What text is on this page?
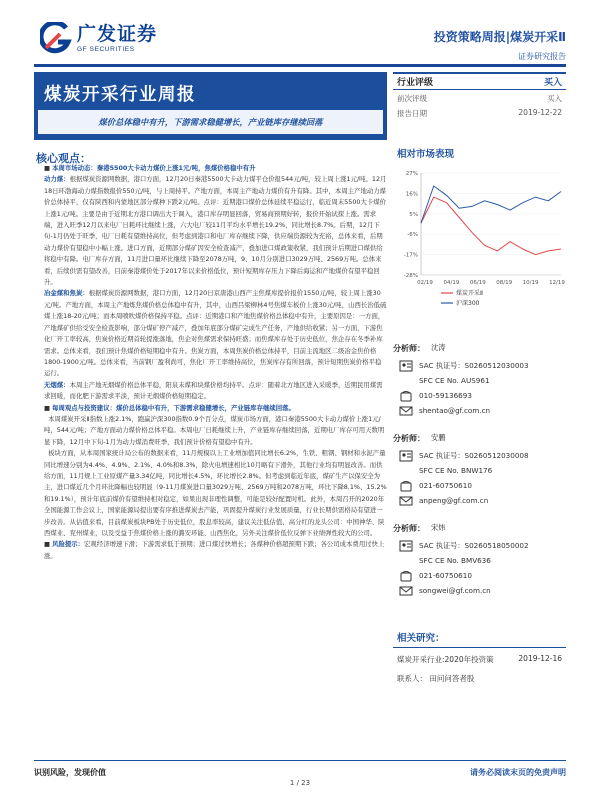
广发证券
GF SECURITIES
投资策略周报|煤炭开采Ⅱ
证券研究报告
煤炭开采行业周报
煤价总体稳中有升，下游需求稳健增长，产业链库存继续回落
行业评级	买入
前次评级	买入
报告日期	2019-12-22
核心观点：

■ 本周市场动态：秦港5500大卡动力煤价上涨1元/吨，焦煤价格稳中有升

动力煤：根据煤炭资源网数据，港口方面，12月20日秦港5500大卡动力煤平仓价报544元/吨，较上周上涨1元/吨。12月18日环渤海动力煤指数报价550元/吨，与上周持平。产地方面，本周主产地动力煤价有升有降。其中，本周主产地动力煤价总体持平，仅有陕西和内蒙地区部分煤种下跌2元/吨。点评：近期港口煤价总体延续平稳运行，临近周末5500大卡煤价上涨1元/吨。主要是由于近期北方港口调出大于调入，港口库存明显回落，贸易商预期好转，报价开始试探上涨。需求端，进入旺季12月以来电厂日耗环比继续上涨，六大电厂较11月平均水平增长19.2%，同比增长8.7%。后期，12月下旬-1月仍处于旺季，电厂日耗有望维持高位，但考虑到港口和电厂库存继续下降，供应端资源较为充裕，总体来看，后期动力煤价有望稳中小幅上涨。进口方面，近期部分煤矿因安全检查减产，叠加进口煤政策收紧，我们预计后期进口煤供给将稳中有降。电厂库存方面，11月进口量环比继续下降至2078万吨，9、10月分别进口3029万吨、2569万吨。总体来看，后续供需有望改善，目前秦港煤价处于2017年以来价格低位，预计短期库存压力下降后海运和产地煤价有望平稳回升。

冶金煤和焦炭：根据煤炭资源网数据，港口方面，12月20日京唐港山西产主焦煤库提价报价1550元/吨，较上周上涨30元/吨。产地方面，本周主产地炼焦煤价格总体稳中有升，其中，山西吕梁柳林4号焦煤车板价上涨30元/吨，山西长治低硫煤上涨18-20元/吨；而本周喷吹煤价格保持平稳。点评：近期港口和产地焦煤价格总体稳中有升，主要原因是：一方面，产地煤矿供给受安全检查影响，部分煤矿停产减产，叠加年底部分煤矿完成生产任务，产地供给收紧；另一方面，下游焦化厂开工率较高，焦炭价格近期首轮提涨落地，焦企对焦煤需求保持旺盛；而焦煤库存处于历史低位，焦企存在冬季补库需求。总体来看，我们预计焦煤价格短期稳中有升。焦炭方面，本周焦炭价格总体持平，目前主流地区二级冶金焦价格1800-1900元/吨。总体来看，当前钢厂盈利尚可，焦化厂开工率维持高位，焦炭库存有所回落，预计短期焦炭价格平稳运行。

无烟煤：本周主产地无烟煤价格总体平稳，阳泉末煤和块煤价格均持平。点评：随着北方地区进入采暖季，近期民用煤需求回暖，而化肥下游需求平淡，预计无烟煤价格短期稳定。

■ 每周观点与投资建议：煤价总体稳中有升，下游需求稳健增长，产业链库存继续回落。

本周煤炭开采Ⅱ指数上涨2.1%，跑赢沪深300指数0.9个百分点，煤炭市场方面，港口秦港5500大卡动力煤价上涨1元/吨，544元/吨；产地方面动力煤价格总体平稳。本周电厂日耗继续上升，产业链库存继续回落，近期电厂库存可用天数明显下降，12月中下旬-1月为动力煤消费旺季，我们预计价格有望稳中有升。

板块方面，从本周国家统计局公布的数据来看，11月规模以上工业增加值同比增长6.2%，生铁、粗钢、钢材和水泥产量同比增速分别为4.4%、4.9%、2.1%、4.0%和8.3%，除火电增速相比10月略有下滑外，其他行业均有明显改善。而供给方面，11月规上工业原煤产量3.34亿吨，同比增长4.5%，环比增长2.8%。但考虑到临近年底，煤矿生产以保安全为主，进口煤近几个月环比降幅也较明显（9-11月煤炭进口量3029万吨、2569万吨和2078万吨，环比下降8.1%、15.2%和19.1%），预计年底前煤价有望维持相对稳定，如果出现非理性调整，可能是较好配置时机。此外，本周召开的2020年全国能源工作会议上，国家能源局提出要有序推进煤炭去产能，巩固提升煤炭行业发展质量，行业长期供需格局有望进一步改善。从估值来看，目前煤炭板块PB处于历史低位，股息率较高，建议关注低估值、高分红的龙头公司：中国神华、陕西煤业、兖州煤业，以及受益于焦煤价格上涨的潞安环能、山西焦化，另外关注煤价低位反弹下业绩弹性较大的公司。

■ 风险提示：宏观经济增速下滑；下游需求低于预期；进口煤过快增长；各煤种价格超预期下跌；各公司成本费用过快上涨。

相对市场表现
27%
16%
5%
-6%
-17%
-28%
02/19 04/19 06/19 08/19 10/19 12/19
煤炭开采Ⅱ
沪深300
分析师： 沈涛
SAC 执证号：S0260512030003
SFC CE No. AUS961
010-59136693
shentao@gf.com.cn
分析师： 安鹏
SAC 执证号：S0260512030008
SFC CE No. BNW176
021-60750610
anpeng@gf.com.cn
分析师： 宋炜
SAC 执证号：S0260518050002
SFC CE No. BMV636
021-60750610
songwei@gf.com.cn
相关研究：
煤炭开采行业:2020年投资策	2019-12-16
联系人： 田问问答者股
识别风险，发现价值	请务必阅读末页的免责声明
1 / 23
